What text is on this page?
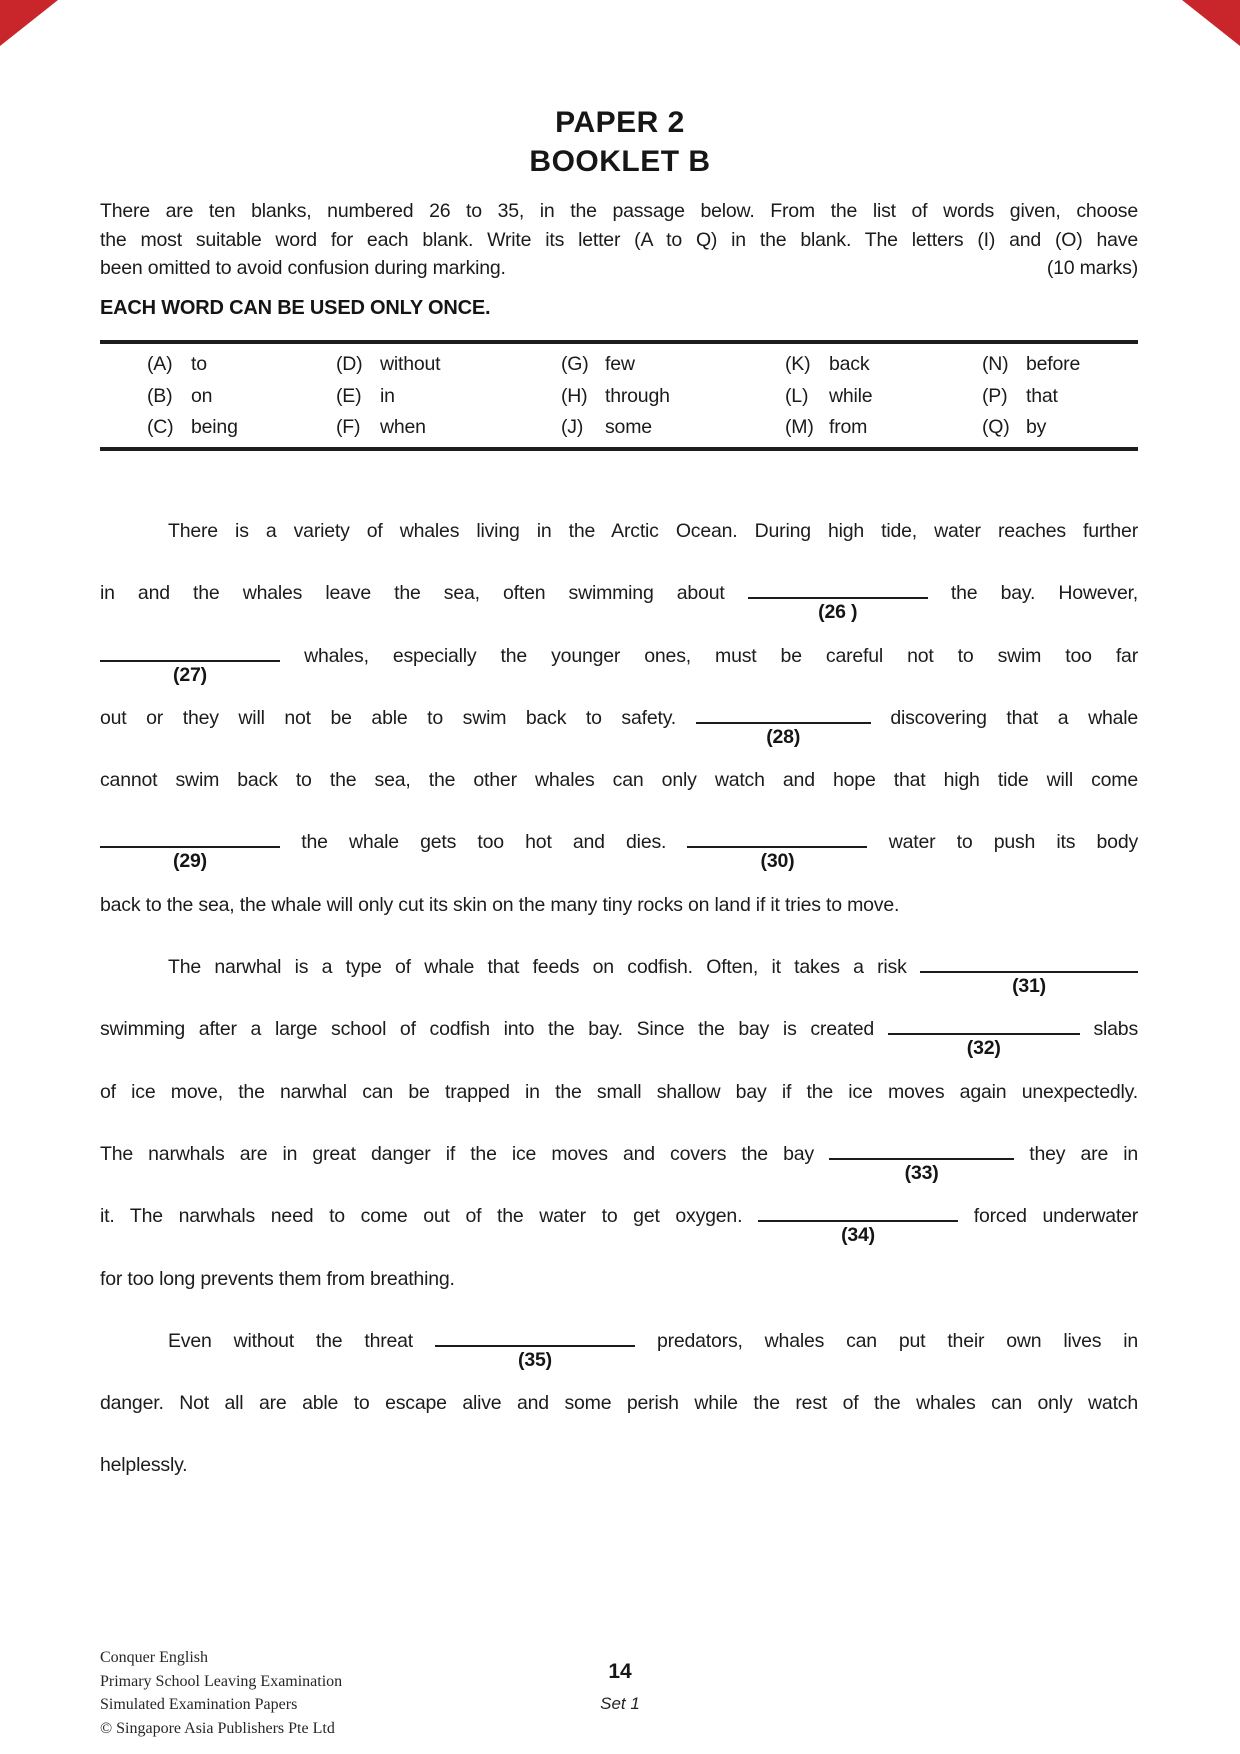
PAPER 2
BOOKLET B
There are ten blanks, numbered 26 to 35, in the passage below. From the list of words given, choose
the most suitable word for each blank. Write its letter (A to Q) in the blank. The letters (I) and (O) have
been omitted to avoid confusion during marking.	(10 marks)
EACH WORD CAN BE USED ONLY ONCE.
(A) to	(D) without	(G) few	(K) back	(N) before
(B) on	(E) in	(H) through	(L)	while	(P) that
(C) being	(F)	when	(J)	some	(M) from	(Q) by
There is a variety of whales living in the Arctic Ocean. During high tide, water reaches further
in and the whales leave the sea, often swimming about
(26 )
the bay. However,
(27)
whales, especially the younger ones, must be careful not to swim too far
out or they will not be able to swim back to safety.
(28)
discovering that a whale
cannot swim back to the sea, the other whales can only watch and hope that high tide will come
(29)
the whale gets too hot and dies.
(30)
water to push its body
back to the sea, the whale will only cut its skin on the many tiny rocks on land if it tries to move.
The narwhal is a type of whale that feeds on codfish. Often, it takes a risk
(31)
swimming after a large school of codfish into the bay. Since the bay is created
(32)
slabs
of ice move, the narwhal can be trapped in the small shallow bay if the ice moves again unexpectedly.
The narwhals are in great danger if the ice moves and covers the bay
(33)
they are in
it. The narwhals need to come out of the water to get oxygen.
(34)
forced underwater
for too long prevents them from breathing.
Even without the threat
(35)
predators, whales can put their own lives in
danger. Not all are able to escape alive and some perish while the rest of the whales can only watch
helplessly.
Conquer English
Primary School Leaving Examination
Simulated Examination Papers
© Singapore Asia Publishers Pte Ltd
14
Set 1
